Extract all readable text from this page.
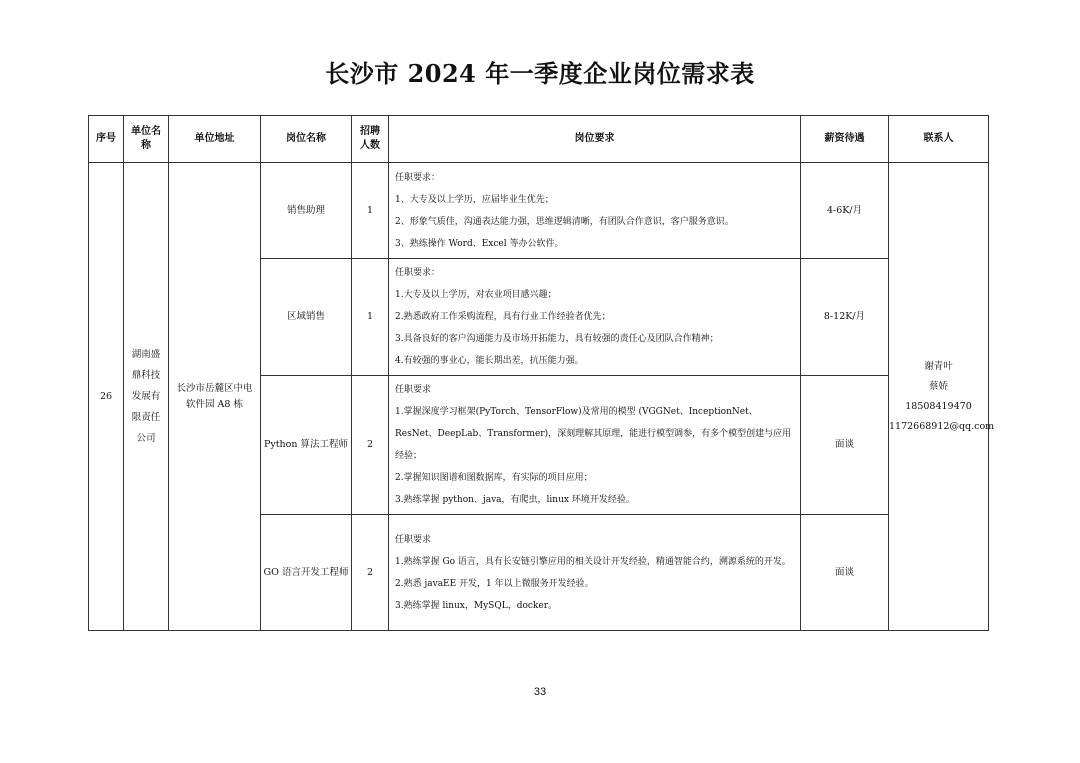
长沙市 2024 年一季度企业岗位需求表
序号	单位名称	单位地址	岗位名称	招聘人数	岗位要求	薪资待遇	联系人
26	湖南盛鼎科技发展有限责任公司	长沙市岳麓区中电软件园 A8 栋	销售助理	1	任职要求：
1、大专及以上学历，应届毕业生优先；
2、形象气质佳，沟通表达能力强，思维逻辑清晰，有团队合作意识，客户服务意识。
3、熟练操作 Word、Excel 等办公软件。	4-6K/月	谢青叶
蔡娇
18508419470
1172668912@qq.com

			区域销售	1	任职要求：
1.大专及以上学历，对农业项目感兴趣；
2.熟悉政府工作采购流程，具有行业工作经验者优先；
3.具备良好的客户沟通能力及市场开拓能力，具有较强的责任心及团队合作精神；
4.有较强的事业心，能长期出差，抗压能力强。	8-12K/月	
			Python 算法工程师	2	任职要求
1.掌握深度学习框架(PyTorch、TensorFlow)及常用的模型 (VGGNet、InceptionNet、ResNet、DeepLab、Transformer)，深刻理解其原理，能进行模型调参，有多个模型创建与应用经验；
2.掌握知识图谱和图数据库，有实际的项目应用；
3.熟练掌握 python、java，有爬虫，linux 环境开发经验。	面谈	
			GO 语言开发工程师	2	任职要求
1.熟练掌握 Go 语言，具有长安链引擎应用的相关设计开发经验，精通智能合约，溯源系统的开发。
2.熟悉 javaEE 开发，1 年以上微服务开发经验。
3.熟练掌握 linux，MySQL，docker。	面谈	
33
